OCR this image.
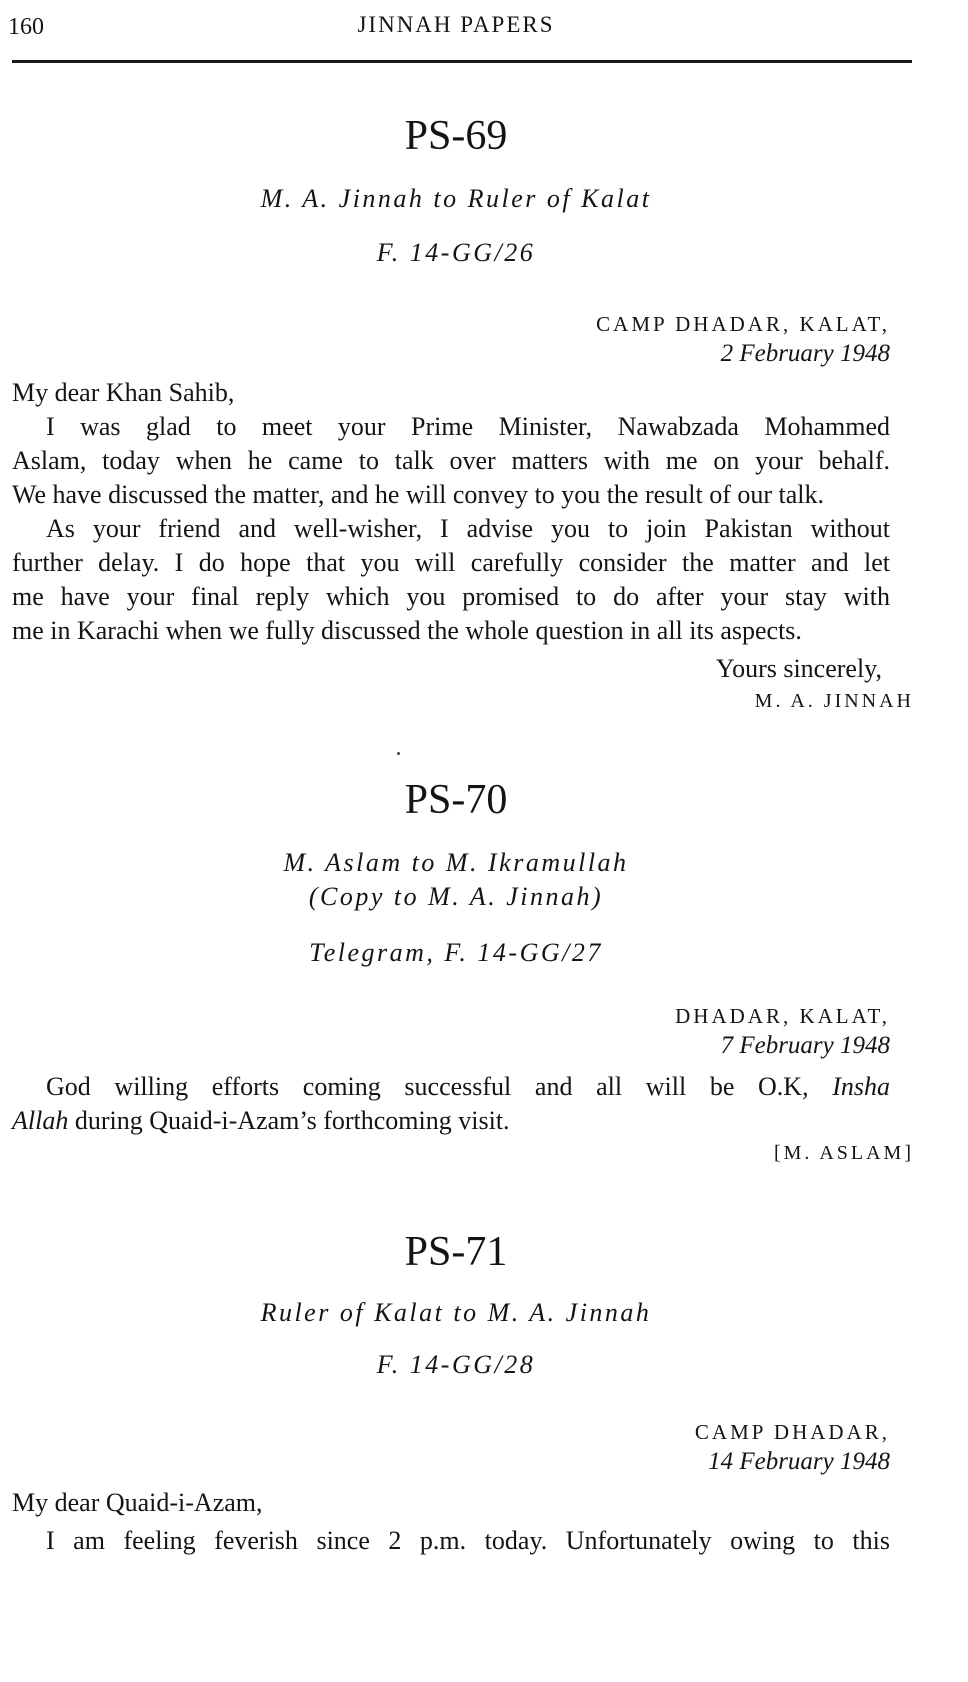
160	JINNAH PAPERS
PS-69
M. A. Jinnah to Ruler of Kalat
F. 14-GG/26
CAMP DHADAR, KALAT,
2 February 1948
My dear Khan Sahib,
I was glad to meet your Prime Minister, Nawabzada Mohammed
Aslam, today when he came to talk over matters with me on your behalf.
We have discussed the matter, and he will convey to you the result of our talk.
As your friend and well-wisher, I advise you to join Pakistan without
further delay. I do hope that you will carefully consider the matter and let
me have your final reply which you promised to do after your stay with
me in Karachi when we fully discussed the whole question in all its aspects.
Yours sincerely,
M. A. JINNAH
PS-70
M. Aslam to M. Ikramullah
(Copy to M. A. Jinnah)
Telegram, F. 14-GG/27
DHADAR, KALAT,
7 February 1948
God willing efforts coming successful and all will be O.K, Insha
Allah during Quaid-i-Azam’s forthcoming visit.
[M. ASLAM]
PS-71
Ruler of Kalat to M. A. Jinnah
F. 14-GG/28
CAMP DHADAR,
14 February 1948
My dear Quaid-i-Azam,
I am feeling feverish since 2 p.m. today. Unfortunately owing to this
